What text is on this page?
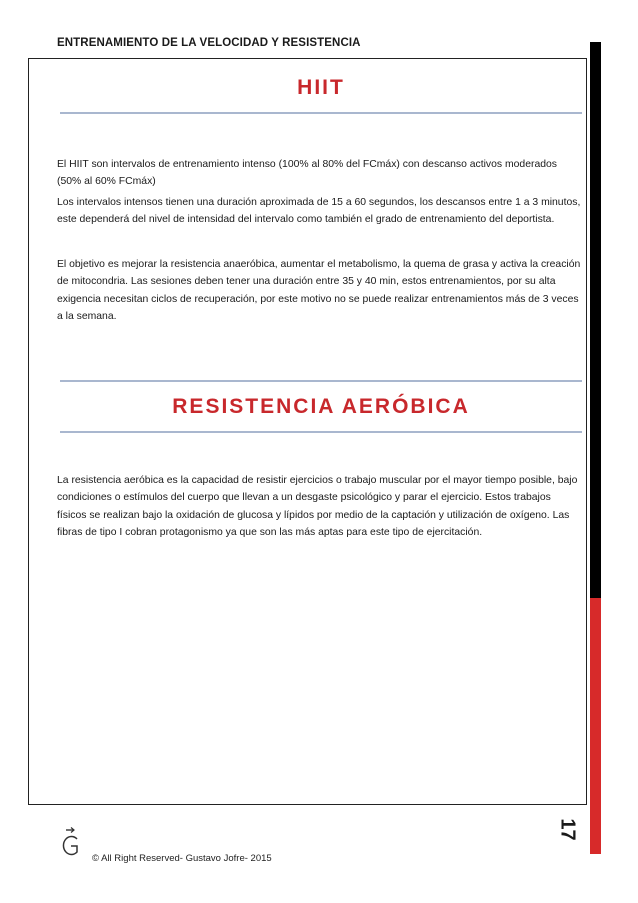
ENTRENAMIENTO DE LA VELOCIDAD Y RESISTENCIA
HIIT

El HIIT son intervalos de entrenamiento intenso (100% al 80% del FCmáx) con descanso activos moderados (50% al 60% FCmáx)

Los intervalos intensos tienen una duración aproximada de 15 a 60 segundos, los descansos entre 1 a 3 minutos, este dependerá del nivel de intensidad del intervalo como también el grado de entrenamiento del deportista.

El objetivo es mejorar la resistencia anaeróbica, aumentar el metabolismo, la quema de grasa y activa la creación de mitocondria. Las sesiones deben tener una duración entre 35 y 40 min, estos entrenamientos, por su alta exigencia necesitan ciclos de recuperación, por este motivo no se puede realizar entrenamientos más de 3 veces a la semana.

RESISTENCIA AERÓBICA

La resistencia aeróbica es la capacidad de resistir ejercicios o trabajo muscular por el mayor tiempo posible, bajo condiciones o estímulos del cuerpo que llevan a un desgaste psicológico y parar el ejercicio. Estos trabajos físicos se realizan bajo la oxidación de glucosa y lípidos por medio de la captación y utilización de oxígeno. Las fibras de tipo I cobran protagonismo ya que son las más aptas para este tipo de ejercitación.

17
© All Right Reserved- Gustavo Jofre- 2015
